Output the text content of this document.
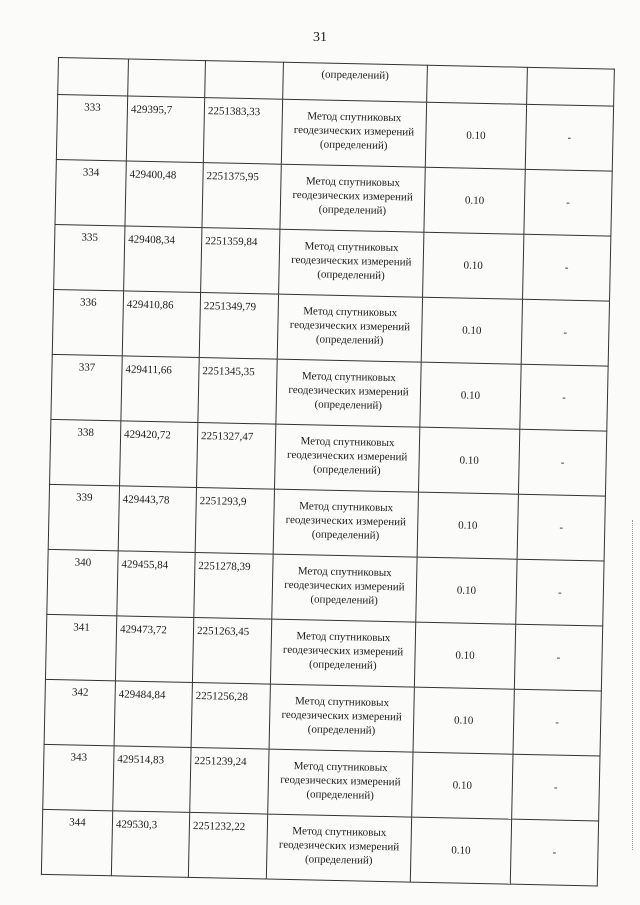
31
			(определений)		
333	429395,7	2251383,33	Метод спутниковых
геодезических измерений
(определений)	0.10	-
334	429400,48	2251375,95	Метод спутниковых
геодезических измерений
(определений)	0.10	-
335	429408,34	2251359,84	Метод спутниковых
геодезических измерений
(определений)	0.10	-
336	429410,86	2251349,79	Метод спутниковых
геодезических измерений
(определений)	0.10	-
337	429411,66	2251345,35	Метод спутниковых
геодезических измерений
(определений)	0.10	-
338	429420,72	2251327,47	Метод спутниковых
геодезических измерений
(определений)	0.10	-
339	429443,78	2251293,9	Метод спутниковых
геодезических измерений
(определений)	0.10	-
340	429455,84	2251278,39	Метод спутниковых
геодезических измерений
(определений)	0.10	-
341	429473,72	2251263,45	Метод спутниковых
геодезических измерений
(определений)	0.10	-
342	429484,84	2251256,28	Метод спутниковых
геодезических измерений
(определений)	0.10	-
343	429514,83	2251239,24	Метод спутниковых
геодезических измерений
(определений)	0.10	-
344	429530,3	2251232,22	Метод спутниковых
геодезических измерений
(определений)	0.10	-
